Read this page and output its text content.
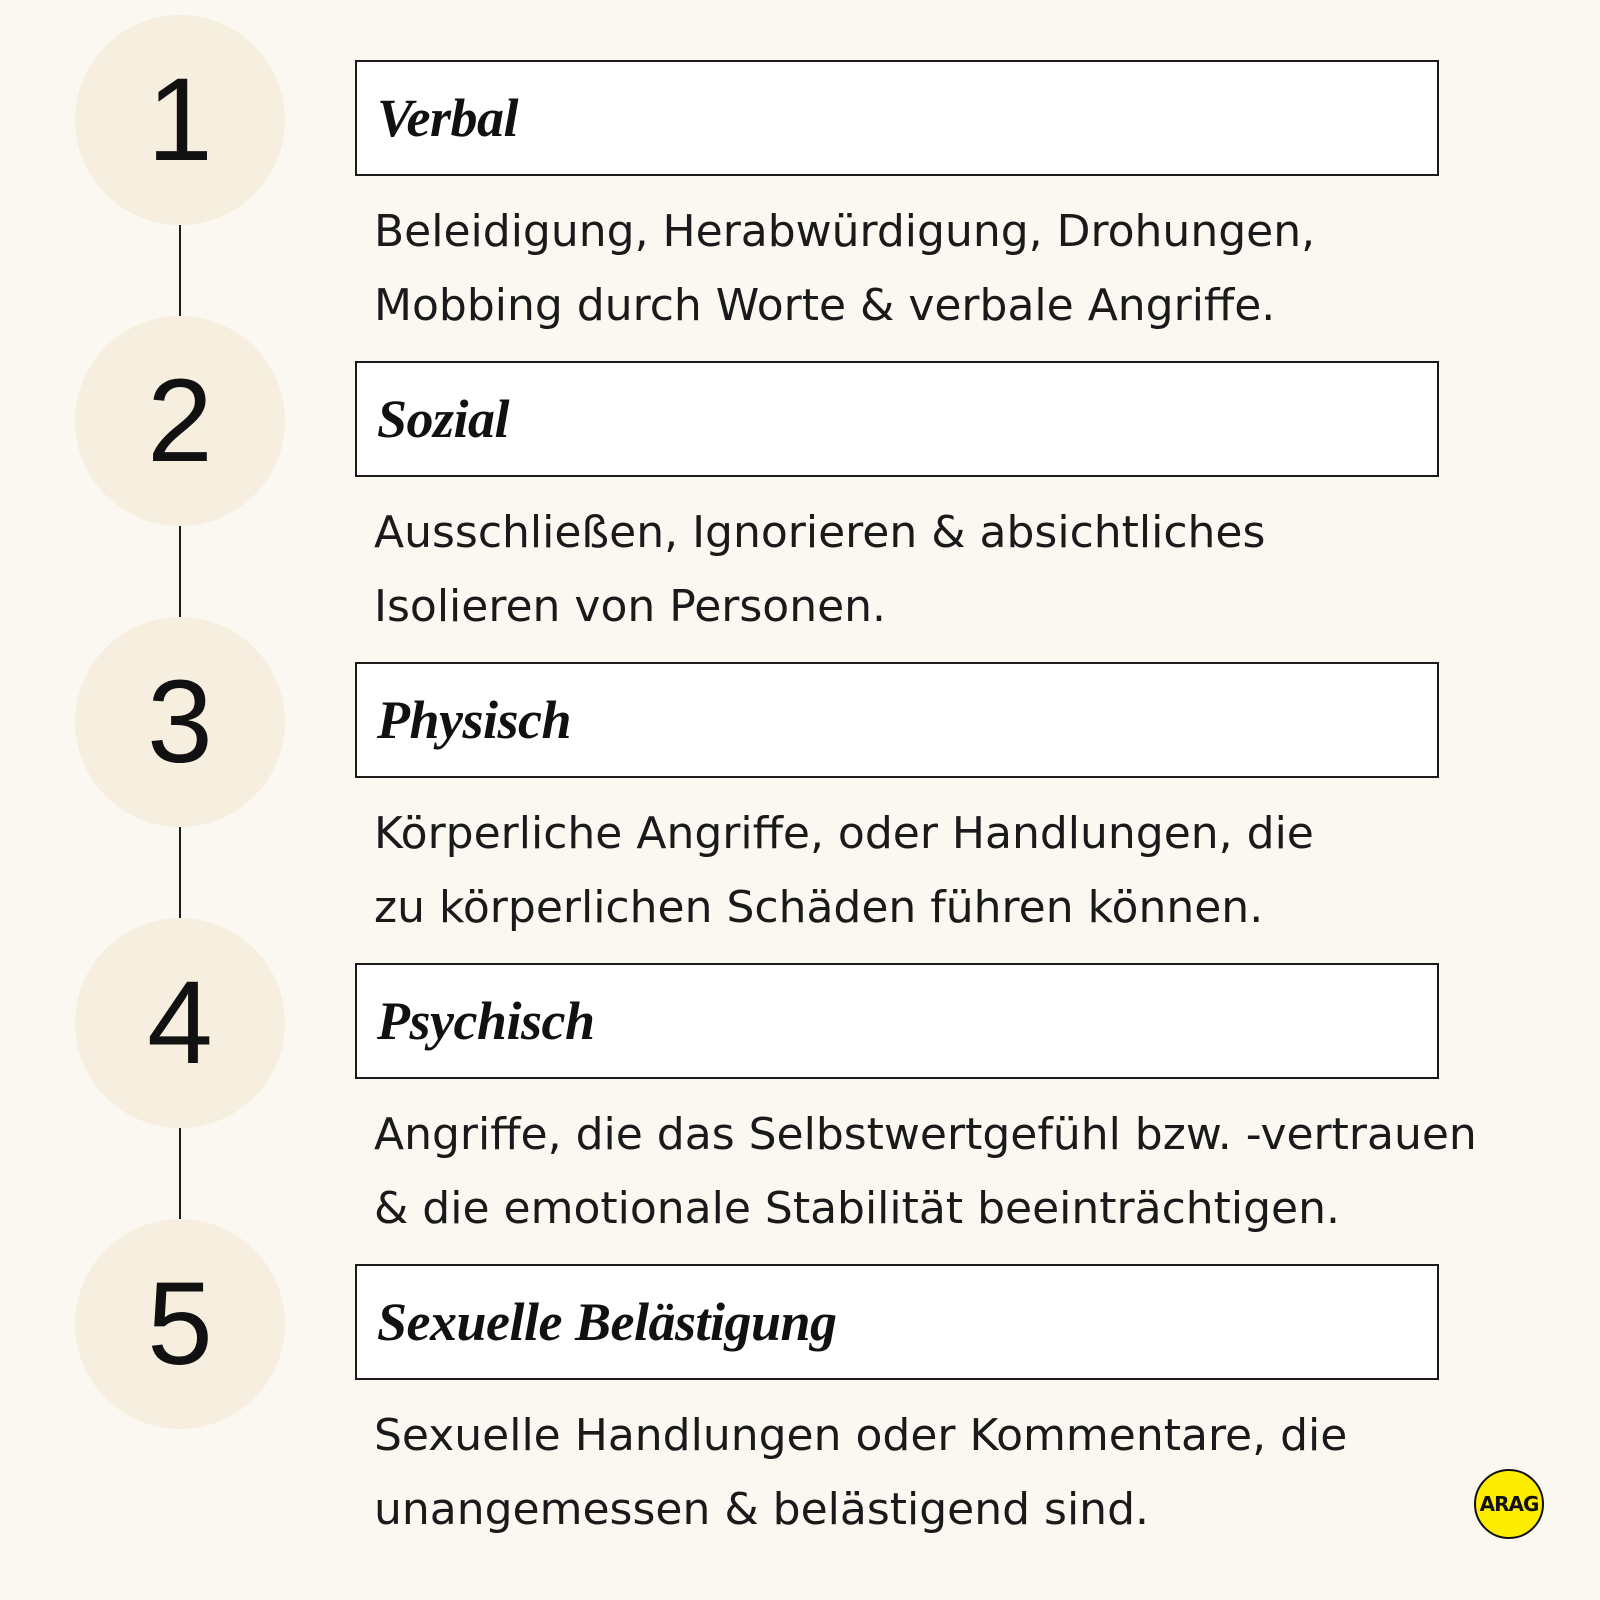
1	Verbal
Beleidigung, Herabwürdigung, Drohungen,
Mobbing durch Worte & verbale Angriffe.
2	Sozial
Ausschließen, Ignorieren & absichtliches
Isolieren von Personen.
3	Physisch
Körperliche Angriffe, oder Handlungen, die
zu körperlichen Schäden führen können.
4	Psychisch
Angriffe, die das Selbstwertgefühl bzw. -vertrauen
& die emotionale Stabilität beeinträchtigen.
5	Sexuelle Belästigung
Sexuelle Handlungen oder Kommentare, die
unangemessen & belästigend sind.	ARAG
